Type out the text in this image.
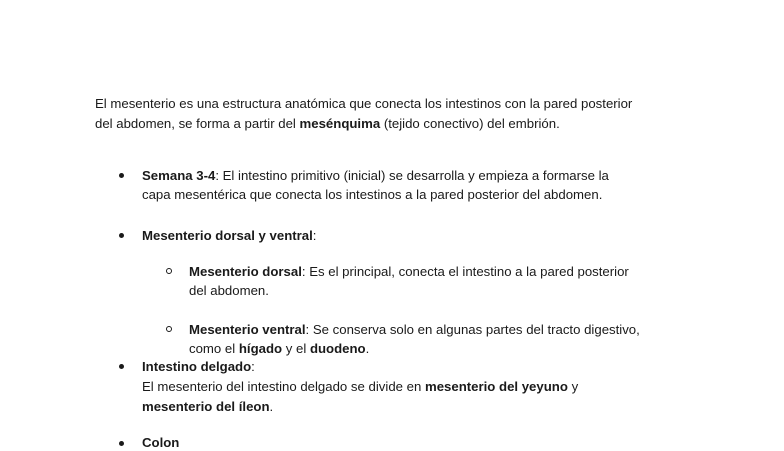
El mesenterio es una estructura anatómica que conecta los intestinos con la pared posterior
del abdomen, se forma a partir del mesénquima (tejido conectivo) del embrión.
Semana 3-4: El intestino primitivo (inicial) se desarrolla y empieza a formarse la
capa mesentérica que conecta los intestinos a la pared posterior del abdomen.
Mesenterio dorsal y ventral:
Mesenterio dorsal: Es el principal, conecta el intestino a la pared posterior
del abdomen.
Mesenterio ventral: Se conserva solo en algunas partes del tracto digestivo,
como el hígado y el duodeno.
Intestino delgado:
El mesenterio del intestino delgado se divide en mesenterio del yeyuno y
mesenterio del íleon.
Colon
